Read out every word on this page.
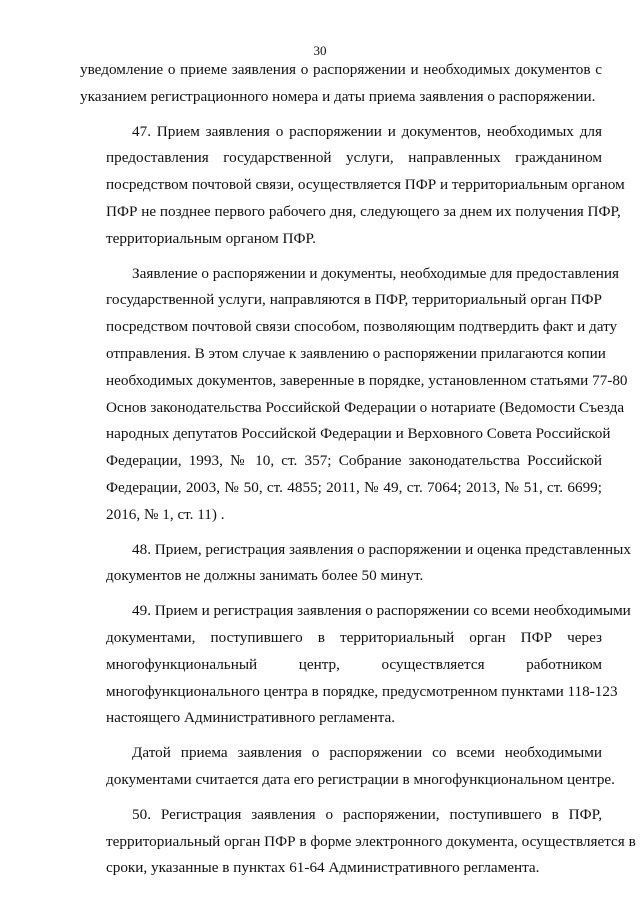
30
уведомление о приеме заявления о распоряжении и необходимых документов с
указанием регистрационного номера и даты приема заявления о распоряжении.
47. Прием заявления о распоряжении и документов, необходимых для
предоставления государственной услуги, направленных гражданином
посредством почтовой связи, осуществляется ПФР и территориальным органом
ПФР не позднее первого рабочего дня, следующего за днем их получения ПФР,
территориальным органом ПФР.
Заявление о распоряжении и документы, необходимые для предоставления
государственной услуги, направляются в ПФР, территориальный орган ПФР
посредством почтовой связи способом, позволяющим подтвердить факт и дату
отправления. В этом случае к заявлению о распоряжении прилагаются копии
необходимых документов, заверенные в порядке, установленном статьями 77-80
Основ законодательства Российской Федерации о нотариате (Ведомости Съезда
народных депутатов Российской Федерации и Верховного Совета Российской
Федерации, 1993, № 10, ст. 357; Собрание законодательства Российской
Федерации, 2003, № 50, ст. 4855; 2011, № 49, ст. 7064; 2013, № 51, ст. 6699;
2016, № 1, ст. 11) .
48. Прием, регистрация заявления о распоряжении и оценка представленных
документов не должны занимать более 50 минут.
49. Прием и регистрация заявления о распоряжении со всеми необходимыми
документами, поступившего в территориальный орган ПФР через
многофункциональный центр, осуществляется работником
многофункционального центра в порядке, предусмотренном пунктами 118-123
настоящего Административного регламента.
Датой приема заявления о распоряжении со всеми необходимыми
документами считается дата его регистрации в многофункциональном центре.
50. Регистрация заявления о распоряжении, поступившего в ПФР,
территориальный орган ПФР в форме электронного документа, осуществляется в
сроки, указанные в пунктах 61-64 Административного регламента.
